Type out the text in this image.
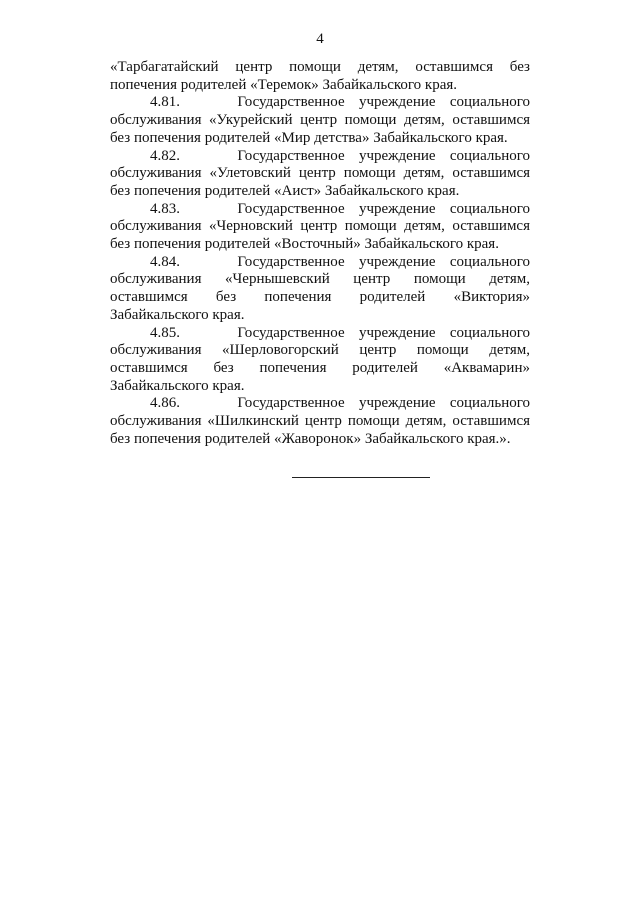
4

«Тарбагатайский центр помощи детям, оставшимся без попечения родителей «Теремок» Забайкальского края.

4.81.	Государственное учреждение социального обслуживания «Укурейский центр помощи детям, оставшимся без попечения родителей «Мир детства» Забайкальского края.

4.82.	Государственное учреждение социального обслуживания «Улетовский центр помощи детям, оставшимся без попечения родителей «Аист» Забайкальского края.

4.83.	Государственное учреждение социального обслуживания «Черновский центр помощи детям, оставшимся без попечения родителей «Восточный» Забайкальского края.

4.84.	Государственное учреждение социального обслуживания «Чернышевский центр помощи детям, оставшимся без попечения родителей «Виктория» Забайкальского края.

4.85.	Государственное учреждение социального обслуживания «Шерловогорский центр помощи детям, оставшимся без попечения родителей «Аквамарин» Забайкальского края.

4.86.	Государственное учреждение социального обслуживания «Шилкинский центр помощи детям, оставшимся без попечения родителей «Жаворонок» Забайкальского края.».
